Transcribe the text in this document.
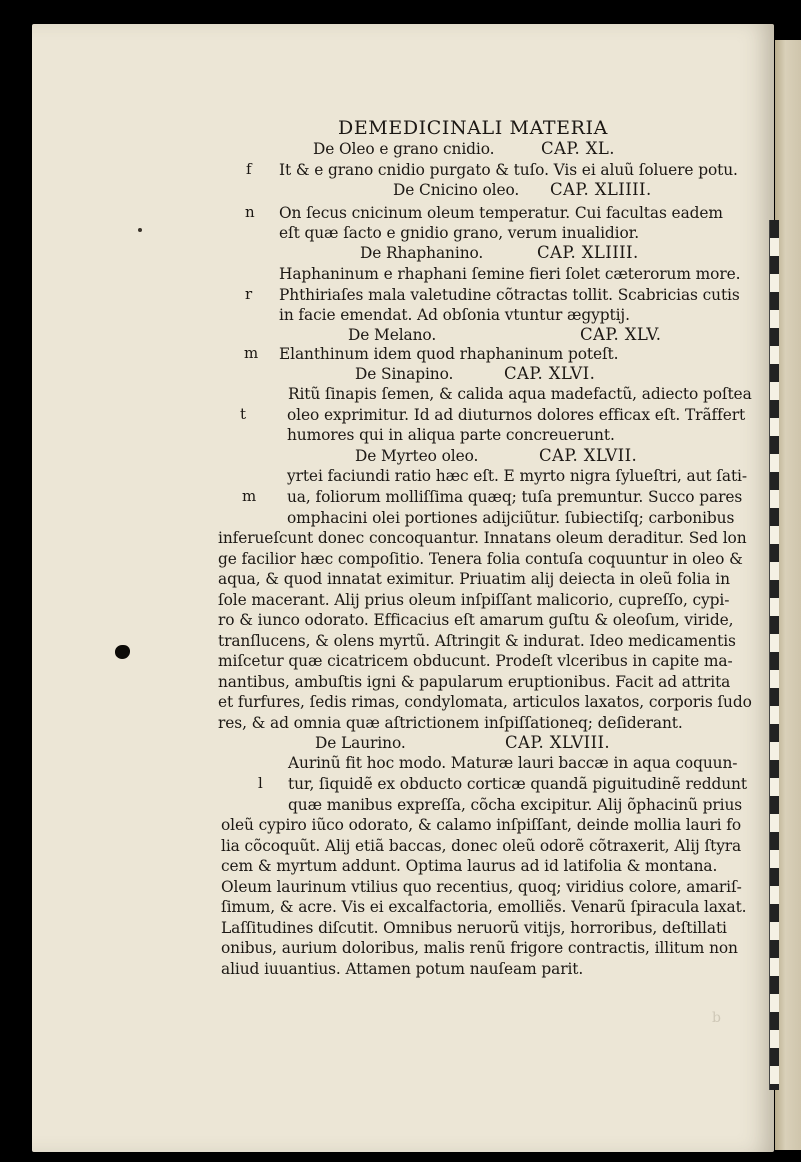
DEMEDICINALI MATERIA
De Oleo e grano cnidio.	CAP. XL.
f It & e grano cnidio purgato & tuſo. Vis ei aluũ ſoluere potu.
De Cnicino oleo. CAP. XLIIII.
n On ſecus cnicinum oleum temperatur. Cui facultas eadem
eſt quæ ſacto e gnidio grano, verum inualidior.
De Rhaphanino.	CAP. XLIIII.
Haphaninum e rhaphani ſemine fieri ſolet cæterorum more.
r Phthiriaſes mala valetudine cõtractas tollit. Scabricias cutis
in facie emendat. Ad obſonia vtuntur ægyptij.
De Melano.	CAP. XLV.
m Elanthinum idem quod rhaphaninum poteſt.
De Sinapino.	CAP. XLVI.
Ritũ ſinapis ſemen, & calida aqua madefactũ, adiecto poſtea
t	oleo exprimitur. Id ad diuturnos dolores efficax eſt. Trãffert
humores qui in aliqua parte concreuerunt.
De Myrteo oleo.	CAP. XLVII.
yrtei faciundi ratio hæc eſt. E myrto nigra ſylueſtri, aut ſati-
m ua, foliorum molliſſima quæq; tuſa premuntur. Succo pares
omphacini olei portiones adijciũtur. ſubiectiſq; carbonibus
inferueſcunt donec concoquantur. Innatans oleum deraditur. Sed lon
ge facilior hæc compoſitio. Tenera folia contuſa coquuntur in oleo &
aqua, & quod innatat eximitur. Priuatim alij deiecta in oleũ folia in
ſole macerant. Alij prius oleum inſpiſſant malicorio, cupreſſo, cypi-
ro & iunco odorato. Efficacius eſt amarum guſtu & oleoſum, viride,
tranſlucens, & olens myrtũ. Aſtringit & indurat. Ideo medicamentis
miſcetur quæ cicatricem obducunt. Prodeſt vlceribus in capite ma-
nantibus, ambuſtis igni & papularum eruptionibus. Facit ad attrita
et furfures, ſedis rimas, condylomata, articulos laxatos, corporis ſudo
res, & ad omnia quæ aſtrictionem inſpiſſationeq; deſiderant.
De Laurino.	CAP. XLVIII.
Aurinũ fit hoc modo. Maturæ lauri baccæ in aqua coquun-
l tur, ſiquidẽ ex obducto corticæ quandã piguitudinẽ reddunt
quæ manibus expreſſa, cõcha excipitur. Alij õphacinũ prius
oleũ cypiro iũco odorato, & calamo inſpiſſant, deinde mollia lauri fo
lia cõcoquũt. Alij etiã baccas, donec oleũ odorẽ cõtraxerit, Alij ſtyra
cem & myrtum addunt. Optima laurus ad id latifolia & montana.
Oleum laurinum vtilius quo recentius, quoq; viridius colore, amariſ-
ſimum, & acre. Vis ei excalfactoria, emolliẽs. Venarũ ſpiracula laxat.
Laſſitudines diſcutit. Omnibus neruorũ vitijs, horroribus, deſtillati
onibus, aurium doloribus, malis renũ frigore contractis, illitum non
aliud iuuantius. Attamen potum nauſeam parit.
b
